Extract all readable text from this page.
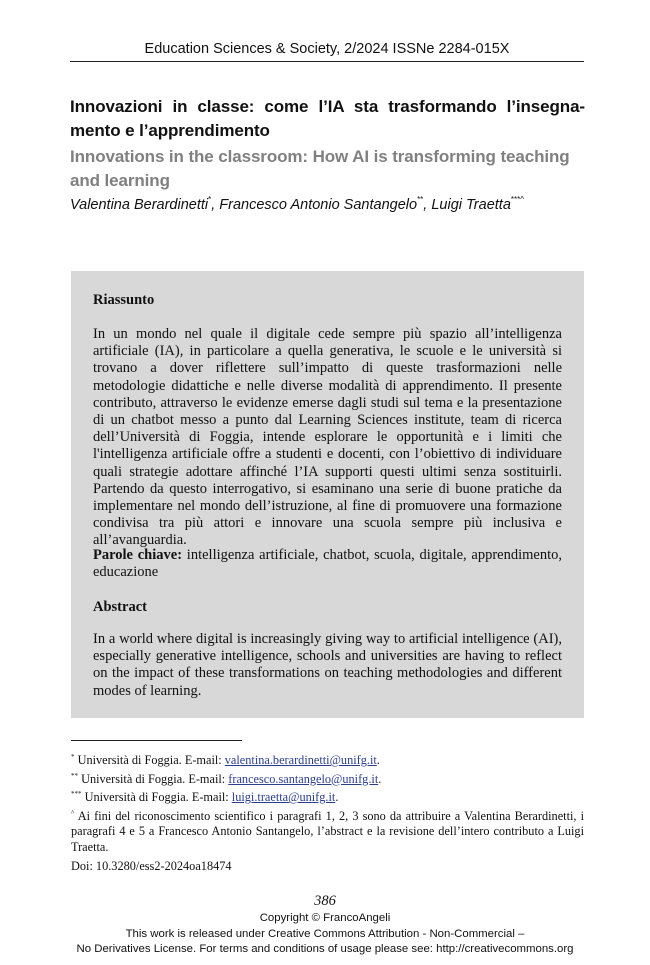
Education Sciences & Society, 2/2024 ISSNe 2284-015X
Innovazioni in classe: come l’IA sta trasformando l’insegna-mento e l’apprendimento
Innovations in the classroom: How AI is transforming teaching and learning
Valentina Berardinetti*, Francesco Antonio Santangelo**, Luigi Traetta***^
Riassunto
In un mondo nel quale il digitale cede sempre più spazio all’intelligenza artificiale (IA), in particolare a quella generativa, le scuole e le università si trovano a dover riflettere sull’impatto di queste trasformazioni nelle metodologie didattiche e nelle diverse modalità di apprendimento. Il presente contributo, attraverso le evidenze emerse dagli studi sul tema e la presentazione di un chatbot messo a punto dal Learning Sciences institute, team di ricerca dell’Università di Foggia, intende esplorare le opportunità e i limiti che l'intelligenza artificiale offre a studenti e docenti, con l’obiettivo di individuare quali strategie adottare affinché l’IA supporti questi ultimi senza sostituirli. Partendo da questo interrogativo, si esaminano una serie di buone pratiche da implementare nel mondo dell’istruzione, al fine di promuovere una formazione condivisa tra più attori e innovare una scuola sempre più inclusiva e all’avanguardia.
Parole chiave: intelligenza artificiale, chatbot, scuola, digitale, apprendimento, educazione
Abstract
In a world where digital is increasingly giving way to artificial intelligence (AI), especially generative intelligence, schools and universities are having to reflect on the impact of these transformations on teaching methodologies and different modes of learning.

* Università di Foggia. E-mail: valentina.berardinetti@unifg.it.

** Università di Foggia. E-mail: francesco.santangelo@unifg.it.

*** Università di Foggia. E-mail: luigi.traetta@unifg.it.

^ Ai fini del riconoscimento scientifico i paragrafi 1, 2, 3 sono da attribuire a Valentina Berardinetti, i paragrafi 4 e 5 a Francesco Antonio Santangelo, l’abstract e la revisione dell’intero contributo a Luigi Traetta.

Doi: 10.3280/ess2-2024oa18474
386
Copyright © FrancoAngeli
This work is released under Creative Commons Attribution - Non-Commercial –
No Derivatives License. For terms and conditions of usage please see: http://creativecommons.org
